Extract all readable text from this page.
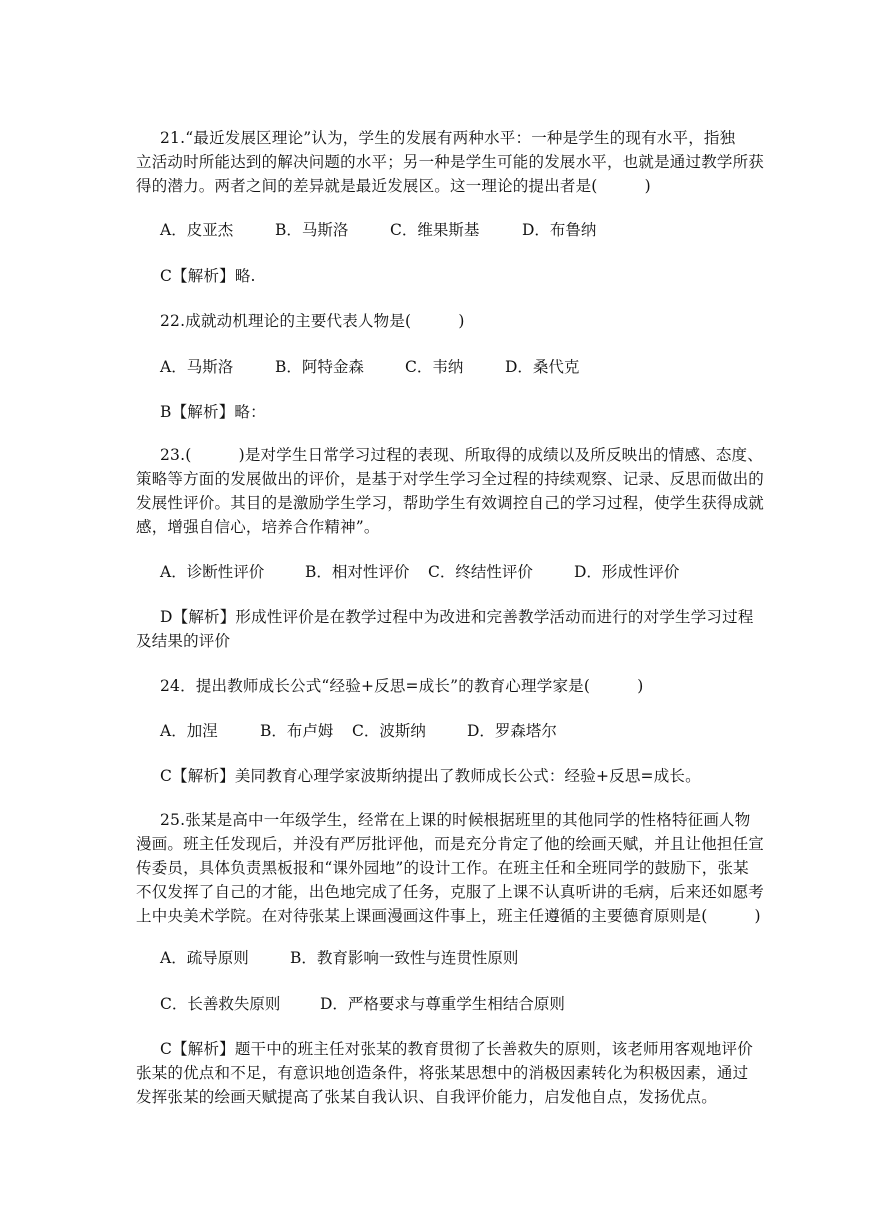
21.“最近发展区理论”认为，学生的发展有两种水平：一种是学生的现有水平，指独
立活动时所能达到的解决问题的水平；另一种是学生可能的发展水平，也就是通过教学所获
得的潜力。两者之间的差异就是最近发展区。这一理论的提出者是(　　　)
A．皮亚杰	B．马斯洛	C．维果斯基	D．布鲁纳
C【解析】略.
22.成就动机理论的主要代表人物是(　　　)
A．马斯洛	B．阿特金森	C．韦纳	D．桑代克
B【解析】略：
23.(　　　)是对学生日常学习过程的表现、所取得的成绩以及所反映出的情感、态度、
策略等方面的发展做出的评价，是基于对学生学习全过程的持续观察、记录、反思而做出的
发展性评价。其目的是激励学生学习，帮助学生有效调控自己的学习过程，使学生获得成就
感，增强自信心，培养合作精神”。
A．诊断性评价	B．相对性评价 C．终结性评价	D．形成性评价
D【解析】形成性评价是在教学过程中为改进和完善教学活动而进行的对学生学习过程
及结果的评价
24．提出教师成长公式“经验+反思=成长”的教育心理学家是(　　　)
A．加涅	B．布卢姆 C．波斯纳	D．罗森塔尔
C【解析】美同教育心理学家波斯纳提出了教师成长公式：经验+反思=成长。
25.张某是高中一年级学生，经常在上课的时候根据班里的其他同学的性格特征画人物
漫画。班主任发现后，并没有严厉批评他，而是充分肯定了他的绘画天赋，并且让他担任宣
传委员，具体负责黑板报和“课外园地”的设计工作。在班主任和全班同学的鼓励下，张某
不仅发挥了自己的才能，出色地完成了任务，克服了上课不认真听讲的毛病，后来还如愿考
上中央美术学院。在对待张某上课画漫画这件事上，班主任遵循的主要德育原则是(　　　)
A．疏导原则	B．教育影响一致性与连贯性原则
C．长善救失原则	D．严格要求与尊重学生相结合原则
C【解析】题干中的班主任对张某的教育贯彻了长善救失的原则，该老师用客观地评价
张某的优点和不足，有意识地创造条件，将张某思想中的消极因素转化为积极因素，通过
发挥张某的绘画天赋提高了张某自我认识、自我评价能力，启发他自点，发扬优点。
